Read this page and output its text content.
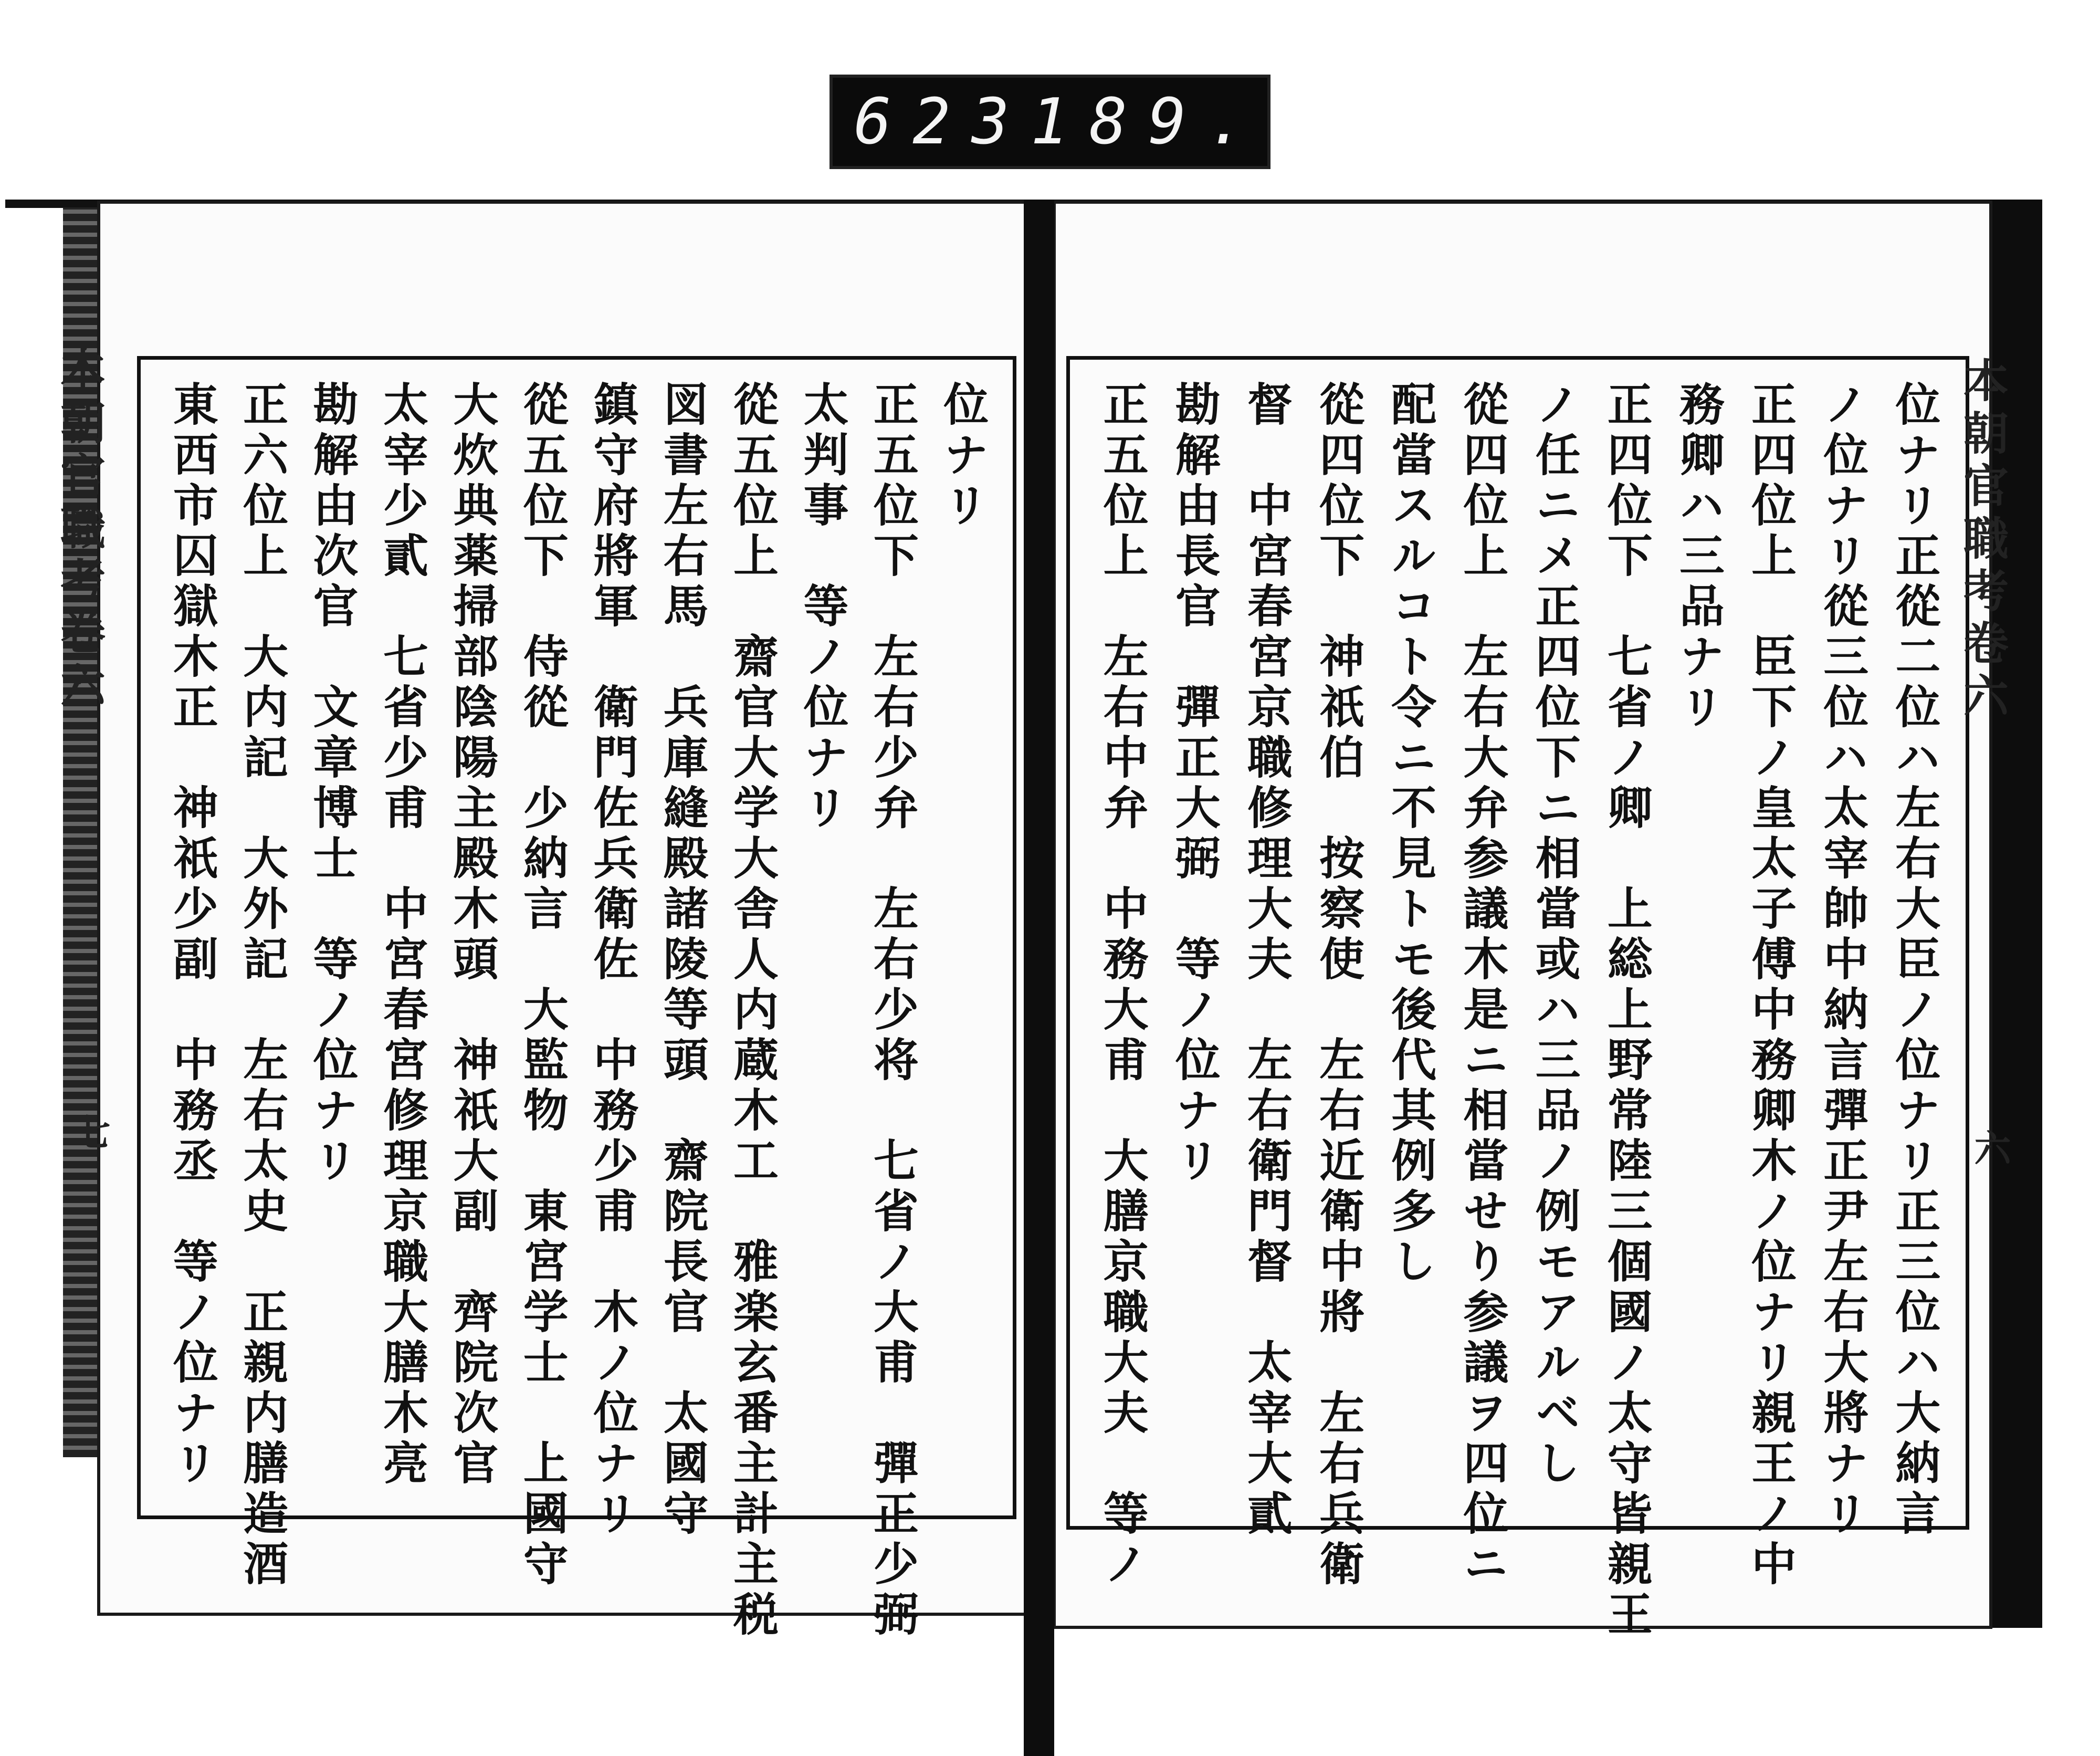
623 189.
位ナリ
正五位下　左右少弁　左右少将　七省ノ大甫　彈正少弼
太判事　等ノ位ナリ
從五位上　齋官大学大舎人内蔵木工　雅楽玄番主計主税
図書左右馬　兵庫縫殿諸陵等頭　齋院長官　太國守
鎮守府將軍　衛門佐兵衛佐　中務少甫　木ノ位ナリ
從五位下　侍從　少納言　大監物　東宮学士　上國守
大炊典薬掃部陰陽主殿木頭　神祇大副　齊院次官
太宰少貳　七省少甫　中宮春宮修理京職大膳木亮
勘解由次官　文章博士　等ノ位ナリ
正六位上　大内記　大外記　左右太史　正親内膳造酒
東西市囚獄木正　神祇少副　中務丞　等ノ位ナリ	位ナリ正從二位ハ左右大臣ノ位ナリ正三位ハ大納言
ノ位ナリ從三位ハ太宰帥中納言彈正尹左右大將ナリ
正四位上　臣下ノ皇太子傅中務卿木ノ位ナリ親王ノ中
務卿ハ三品ナリ
正四位下　七省ノ卿　上総上野常陸三個國ノ太守皆親王
ノ任ニメ正四位下ニ相當或ハ三品ノ例モアルベし
從四位上　左右大弁参議木是ニ相當せり参議ヲ四位ニ
配當スルコト令ニ不見トモ後代其例多し
從四位下　神祇伯　按察使　左右近衛中將　左右兵衛
督　中宮春宮京職修理大夫　左右衛門督　太宰大貳
勘解由長官　彈正大弼　等ノ位ナリ
正五位上　左右中弁　中務大甫　大膳京職大夫　等ノ
本朝官職考卷六
七
本朝官職考卷六
六
